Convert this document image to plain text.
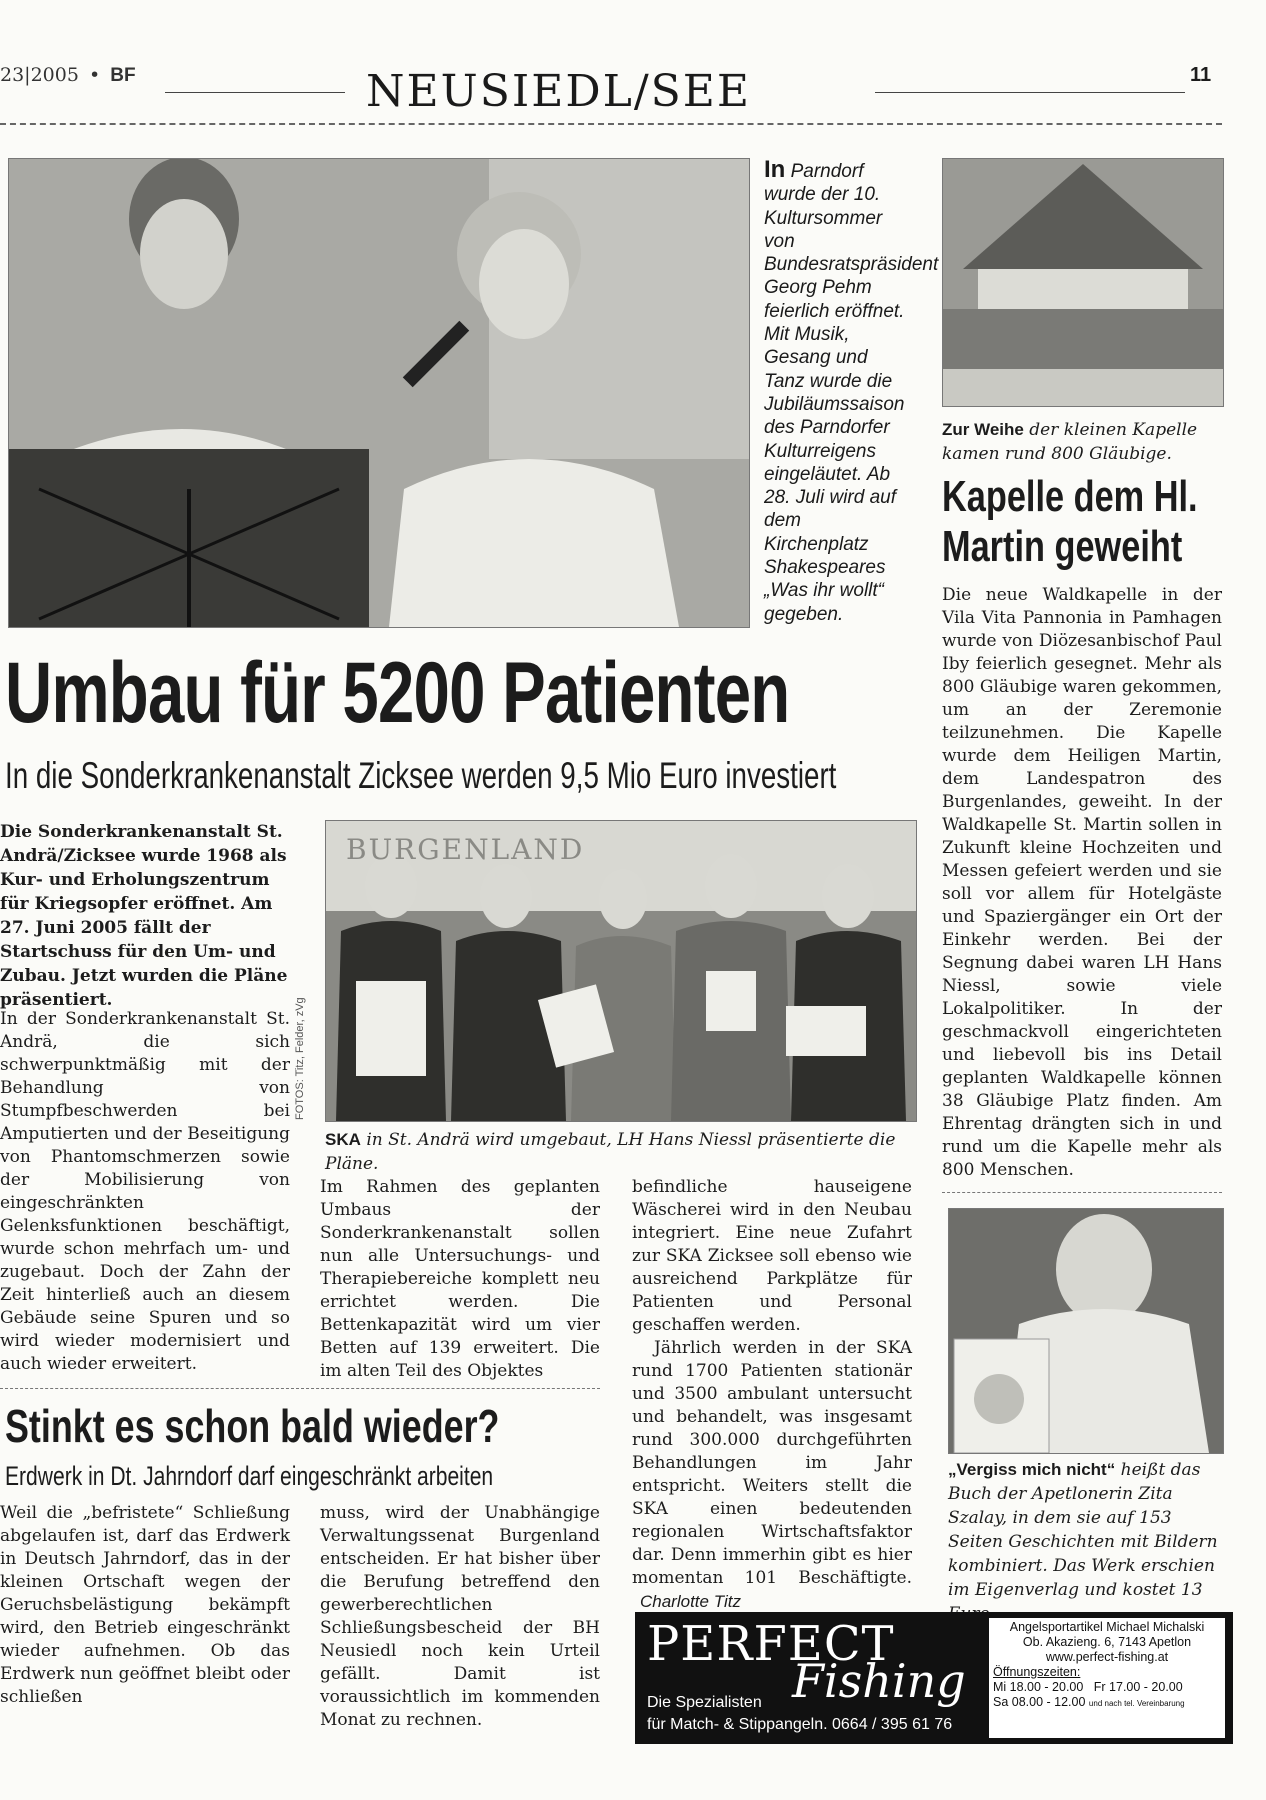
23|2005 • BF	NEUSIEDL/SEE	11
In Parndorf wurde der 10. Kultursommer von Bundesratspräsident Georg Pehm feierlich eröffnet. Mit Musik, Gesang und Tanz wurde die Jubiläumssaison des Parndorfer Kulturreigens eingeläutet. Ab 28. Juli wird auf dem Kirchenplatz Shakespeares „Was ihr wollt“ gegeben.
Zur Weihe der kleinen Kapelle kamen rund 800 Gläubige.
Kapelle dem Hl.
Martin geweiht
Die neue Waldkapelle in der Vila Vita Pannonia in Pamhagen wurde von Diözesanbischof Paul Iby feierlich gesegnet. Mehr als 800 Gläubige waren gekommen, um an der Zeremonie teilzunehmen. Die Kapelle wurde dem Heiligen Martin, dem Landespatron des Burgenlandes, geweiht. In der Waldkapelle St. Martin sollen in Zukunft kleine Hochzeiten und Messen gefeiert werden und sie soll vor allem für Hotelgäste und Spaziergänger ein Ort der Einkehr werden. Bei der Segnung dabei waren LH Hans Niessl, sowie viele Lokalpolitiker. In der geschmackvoll eingerichteten und liebevoll bis ins Detail geplanten Waldkapelle können 38 Gläubige Platz finden. Am Ehrentag drängten sich in und rund um die Kapelle mehr als 800 Menschen.
Umbau für 5200 Patienten
In die Sonderkrankenanstalt Zicksee werden 9,5 Mio Euro investiert
Die Sonderkrankenanstalt St. Andrä/Zicksee wurde 1968 als Kur- und Erholungszentrum für Kriegsopfer eröffnet. Am 27. Juni 2005 fällt der Startschuss für den Um- und Zubau. Jetzt wurden die Pläne präsentiert.
In der Sonderkrankenanstalt St. Andrä, die sich schwerpunktmäßig mit der Behandlung von Stumpfbeschwerden bei Amputierten und der Beseitigung von Phantomschmerzen sowie der Mobilisierung von eingeschränkten Gelenksfunktionen beschäftigt, wurde schon mehrfach um- und zugebaut. Doch der Zahn der Zeit hinterließ auch an diesem Gebäude seine Spuren und so wird wieder modernisiert und auch wieder erweitert.
BURGENLAND
FOTOS: Titz, Felder, zVg
SKA in St. Andrä wird umgebaut, LH Hans Niessl präsentierte die Pläne.
Im Rahmen des geplanten Umbaus der Sonderkrankenanstalt sollen nun alle Untersuchungs- und Therapiebereiche komplett neu errichtet werden. Die Bettenkapazität wird um vier Betten auf 139 erweitert. Die im alten Teil des Objektes
befindliche hauseigene Wäscherei wird in den Neubau integriert. Eine neue Zufahrt zur SKA Zicksee soll ebenso wie ausreichend Parkplätze für Patienten und Personal geschaffen werden.
Jährlich werden in der SKA rund 1700 Patienten stationär und 3500 ambulant untersucht und behandelt, was insgesamt rund 300.000 durchgeführten Behandlungen im Jahr entspricht. Weiters stellt die SKA einen bedeutenden regionalen Wirtschaftsfaktor dar. Denn immerhin gibt es hier momentan 101 Beschäftigte. Charlotte Titz
Stinkt es schon bald wieder?
Erdwerk in Dt. Jahrndorf darf eingeschränkt arbeiten
Weil die „befristete“ Schließung abgelaufen ist, darf das Erdwerk in Deutsch Jahrndorf, das in der kleinen Ortschaft wegen der Geruchsbelästigung bekämpft wird, den Betrieb eingeschränkt wieder aufnehmen. Ob das Erdwerk nun geöffnet bleibt oder schließen
muss, wird der Unabhängige Verwaltungssenat Burgenland entscheiden. Er hat bisher über die Berufung betreffend den gewerberechtlichen Schließungsbescheid der BH Neusiedl noch kein Urteil gefällt. Damit ist voraussichtlich im kommenden Monat zu rechnen.
„Vergiss mich nicht“ heißt das Buch der Apetlonerin Zita Szalay, in dem sie auf 153 Seiten Geschichten mit Bildern kombiniert. Das Werk erschien im Eigenverlag und kostet 13
PERFECT
Fishing
Die Spezialisten
für Match- & Stippangeln. 0664 / 395 61 76
Angelsportartikel Michael Michalski
Ob. Akazieng. 6, 7143 Apetlon
www.perfect-fishing.at
Öffnungszeiten:
Mi 18.00 - 20.00 Fr 17.00 - 20.00
Sa 08.00 - 12.00 und nach tel. Vereinbarung
